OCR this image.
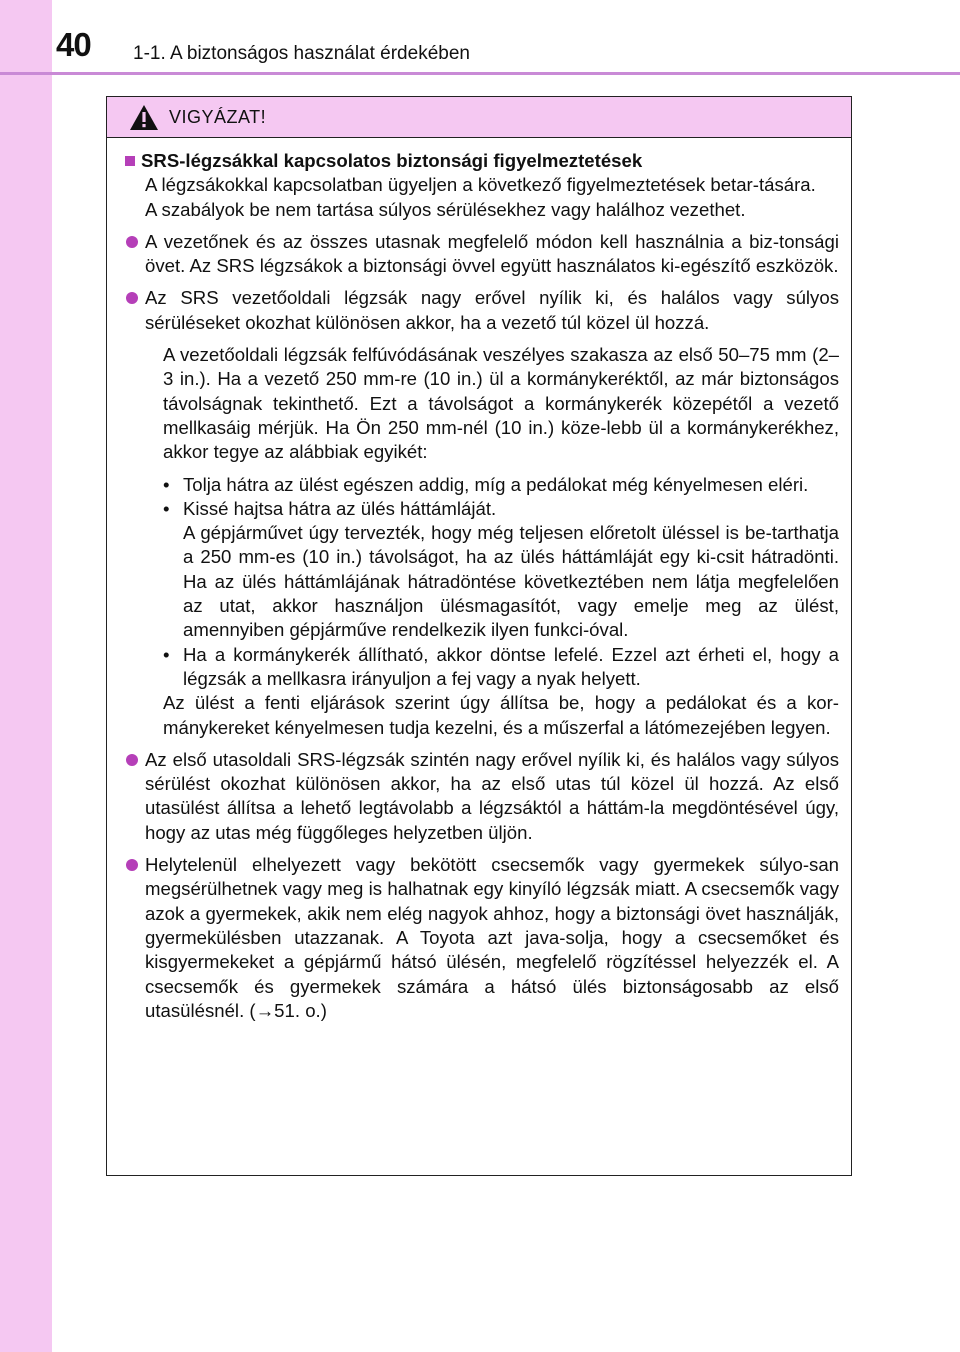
40 1-1. A biztonságos használat érdekében
VIGYÁZAT!
SRS-légzsákkal kapcsolatos biztonsági figyelmeztetések

A légzsákokkal kapcsolatban ügyeljen a következő figyelmeztetések betar-tására.

A szabályok be nem tartása súlyos sérülésekhez vagy halálhoz vezethet.

A vezetőnek és az összes utasnak megfelelő módon kell használnia a biz-tonsági övet. Az SRS légzsákok a biztonsági övvel együtt használatos ki-egészítő eszközök.
Az SRS vezetőoldali légzsák nagy erővel nyílik ki, és halálos vagy súlyos sérüléseket okozhat különösen akkor, ha a vezető túl közel ül hozzá.

A vezetőoldali légzsák felfúvódásának veszélyes szakasza az első 50–75 mm (2–3 in.). Ha a vezető 250 mm-re (10 in.) ül a kormánykeréktől, az már biztonságos távolságnak tekinthető. Ezt a távolságot a kormánykerék közepétől a vezető mellkasáig mérjük. Ha Ön 250 mm-nél (10 in.) köze-lebb ül a kormánykerékhez, akkor tegye az alábbiak egyikét:

• Tolja hátra az ülést egészen addig, míg a pedálokat még kényelmesen eléri.
• Kissé hajtsa hátra az ülés háttámláját.
A gépjárművet úgy tervezték, hogy még teljesen előretolt üléssel is be-tarthatja a 250 mm-es (10 in.) távolságot, ha az ülés háttámláját egy ki-csit hátradönti. Ha az ülés háttámlájának hátradöntése következtében nem látja megfelelően az utat, akkor használjon ülésmagasítót, vagy emelje meg az ülést, amennyiben gépjárműve rendelkezik ilyen funkci-óval.
• Ha a kormánykerék állítható, akkor döntse lefelé. Ezzel azt érheti el, hogy a légzsák a mellkasra irányuljon a fej vagy a nyak helyett.

Az ülést a fenti eljárások szerint úgy állítsa be, hogy a pedálokat és a kor-mánykereket kényelmesen tudja kezelni, és a műszerfal a látómezejében legyen.

Az első utasoldali SRS-légzsák szintén nagy erővel nyílik ki, és halálos vagy súlyos sérülést okozhat különösen akkor, ha az első utas túl közel ül hozzá. Az első utasülést állítsa a lehető legtávolabb a légzsáktól a háttám-la megdöntésével úgy, hogy az utas még függőleges helyzetben üljön.
Helytelenül elhelyezett vagy bekötött csecsemők vagy gyermekek súlyo-san megsérülhetnek vagy meg is halhatnak egy kinyíló légzsák miatt. A csecsemők vagy azok a gyermekek, akik nem elég nagyok ahhoz, hogy a biztonsági övet használják, gyermekülésben utazzanak. A Toyota azt java-solja, hogy a csecsemőket és kisgyermekeket a gépjármű hátsó ülésén, megfelelő rögzítéssel helyezzék el. A csecsemők és gyermekek számára a hátsó ülés biztonságosabb az első utasülésnél. (→51. o.)
